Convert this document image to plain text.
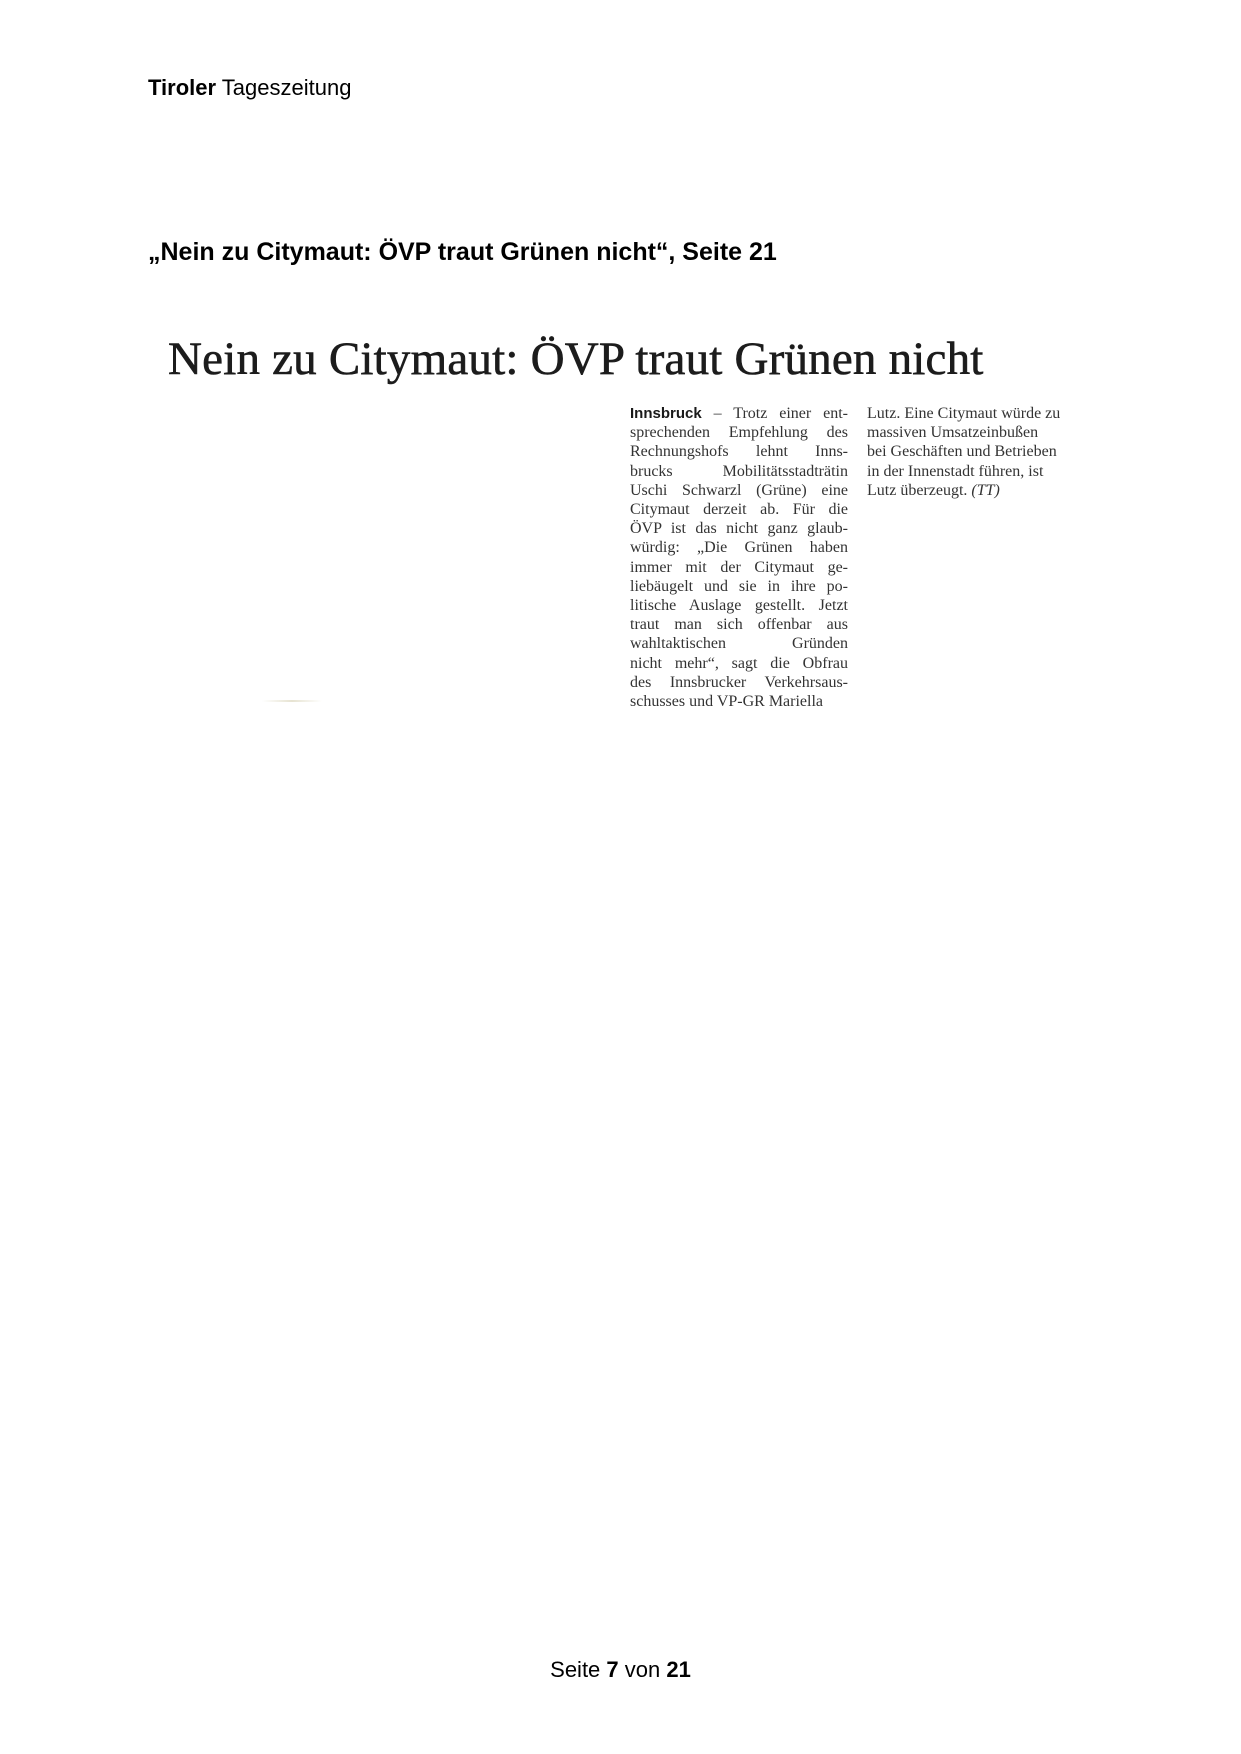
Tiroler Tageszeitung
„Nein zu Citymaut: ÖVP traut Grünen nicht“, Seite 21
Nein zu Citymaut: ÖVP traut Grünen nicht
Innsbruck – Trotz einer ent-
sprechenden Empfehlung des
Rechnungshofs lehnt Inns-
brucks Mobilitätsstadträtin
Uschi Schwarzl (Grüne) eine
Citymaut derzeit ab. Für die
ÖVP ist das nicht ganz glaub-
würdig: „Die Grünen haben
immer mit der Citymaut ge-
liebäugelt und sie in ihre po-
litische Auslage gestellt. Jetzt
traut man sich offenbar aus
wahltaktischen Gründen
nicht mehr“, sagt die Obfrau
des Innsbrucker Verkehrsaus-
schusses und VP-GR Mariella
Lutz. Eine Citymaut würde zu
massiven Umsatzeinbußen
bei Geschäften und Betrieben
in der Innenstadt führen, ist
Lutz überzeugt. (TT)
Seite 7 von 21
